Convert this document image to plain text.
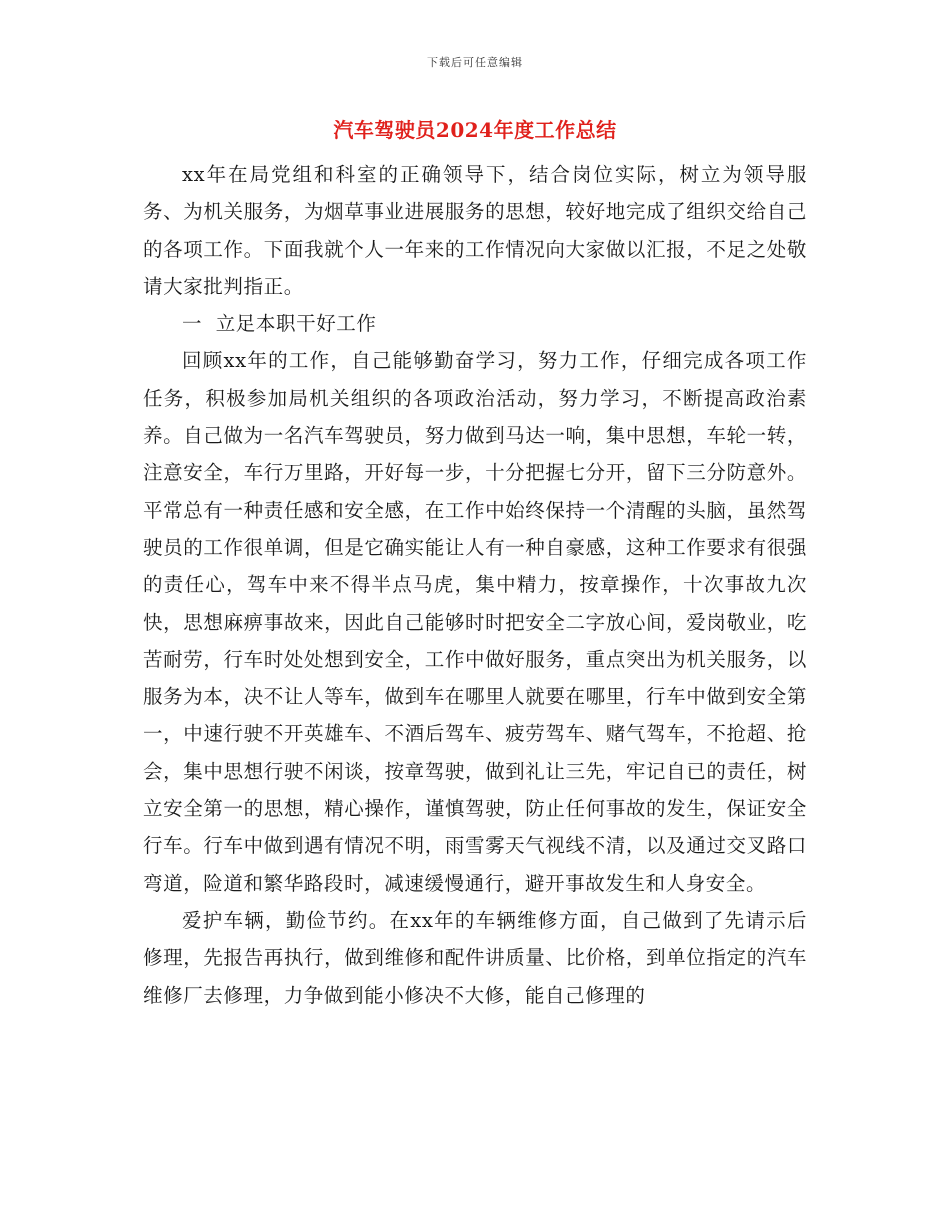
下载后可任意编辑
汽车驾驶员2024年度工作总结

xx年在局党组和科室的正确领导下，结合岗位实际，树立为领导服务、为机关服务，为烟草事业进展服务的思想，较好地完成了组织交给自己的各项工作。下面我就个人一年来的工作情况向大家做以汇报，不足之处敬请大家批判指正。

一  立足本职干好工作

回顾xx年的工作，自己能够勤奋学习，努力工作，仔细完成各项工作任务，积极参加局机关组织的各项政治活动，努力学习，不断提高政治素养。自己做为一名汽车驾驶员，努力做到马达一响，集中思想，车轮一转，注意安全，车行万里路，开好每一步，十分把握七分开，留下三分防意外。平常总有一种责任感和安全感，在工作中始终保持一个清醒的头脑，虽然驾驶员的工作很单调，但是它确实能让人有一种自豪感，这种工作要求有很强的责任心，驾车中来不得半点马虎，集中精力，按章操作，十次事故九次快，思想麻痹事故来，因此自己能够时时把安全二字放心间，爱岗敬业，吃苦耐劳，行车时处处想到安全，工作中做好服务，重点突出为机关服务，以服务为本，决不让人等车，做到车在哪里人就要在哪里，行车中做到安全第一，中速行驶不开英雄车、不酒后驾车、疲劳驾车、赌气驾车，不抢超、抢会，集中思想行驶不闲谈，按章驾驶，做到礼让三先，牢记自已的责任，树立安全第一的思想，精心操作，谨慎驾驶，防止任何事故的发生，保证安全行车。行车中做到遇有情况不明，雨雪雾天气视线不清，以及通过交叉路口弯道，险道和繁华路段时，减速缓慢通行，避开事故发生和人身安全。

爱护车辆，勤俭节约。在xx年的车辆维修方面，自己做到了先请示后修理，先报告再执行，做到维修和配件讲质量、比价格，到单位指定的汽车维修厂去修理，力争做到能小修决不大修，能自己修理的
